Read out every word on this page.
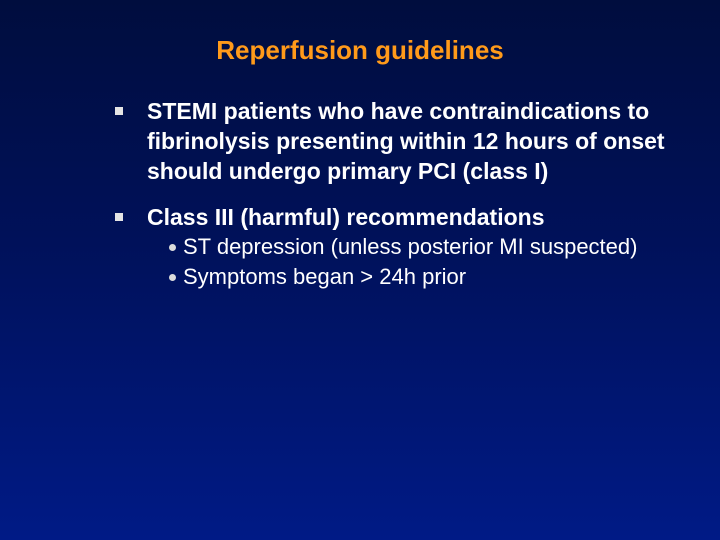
Reperfusion guidelines
STEMI patients who have contraindications to fibrinolysis presenting within 12 hours of onset should undergo primary PCI (class I)
Class III (harmful) recommendations
ST depression (unless posterior MI suspected)
Symptoms began > 24h prior
